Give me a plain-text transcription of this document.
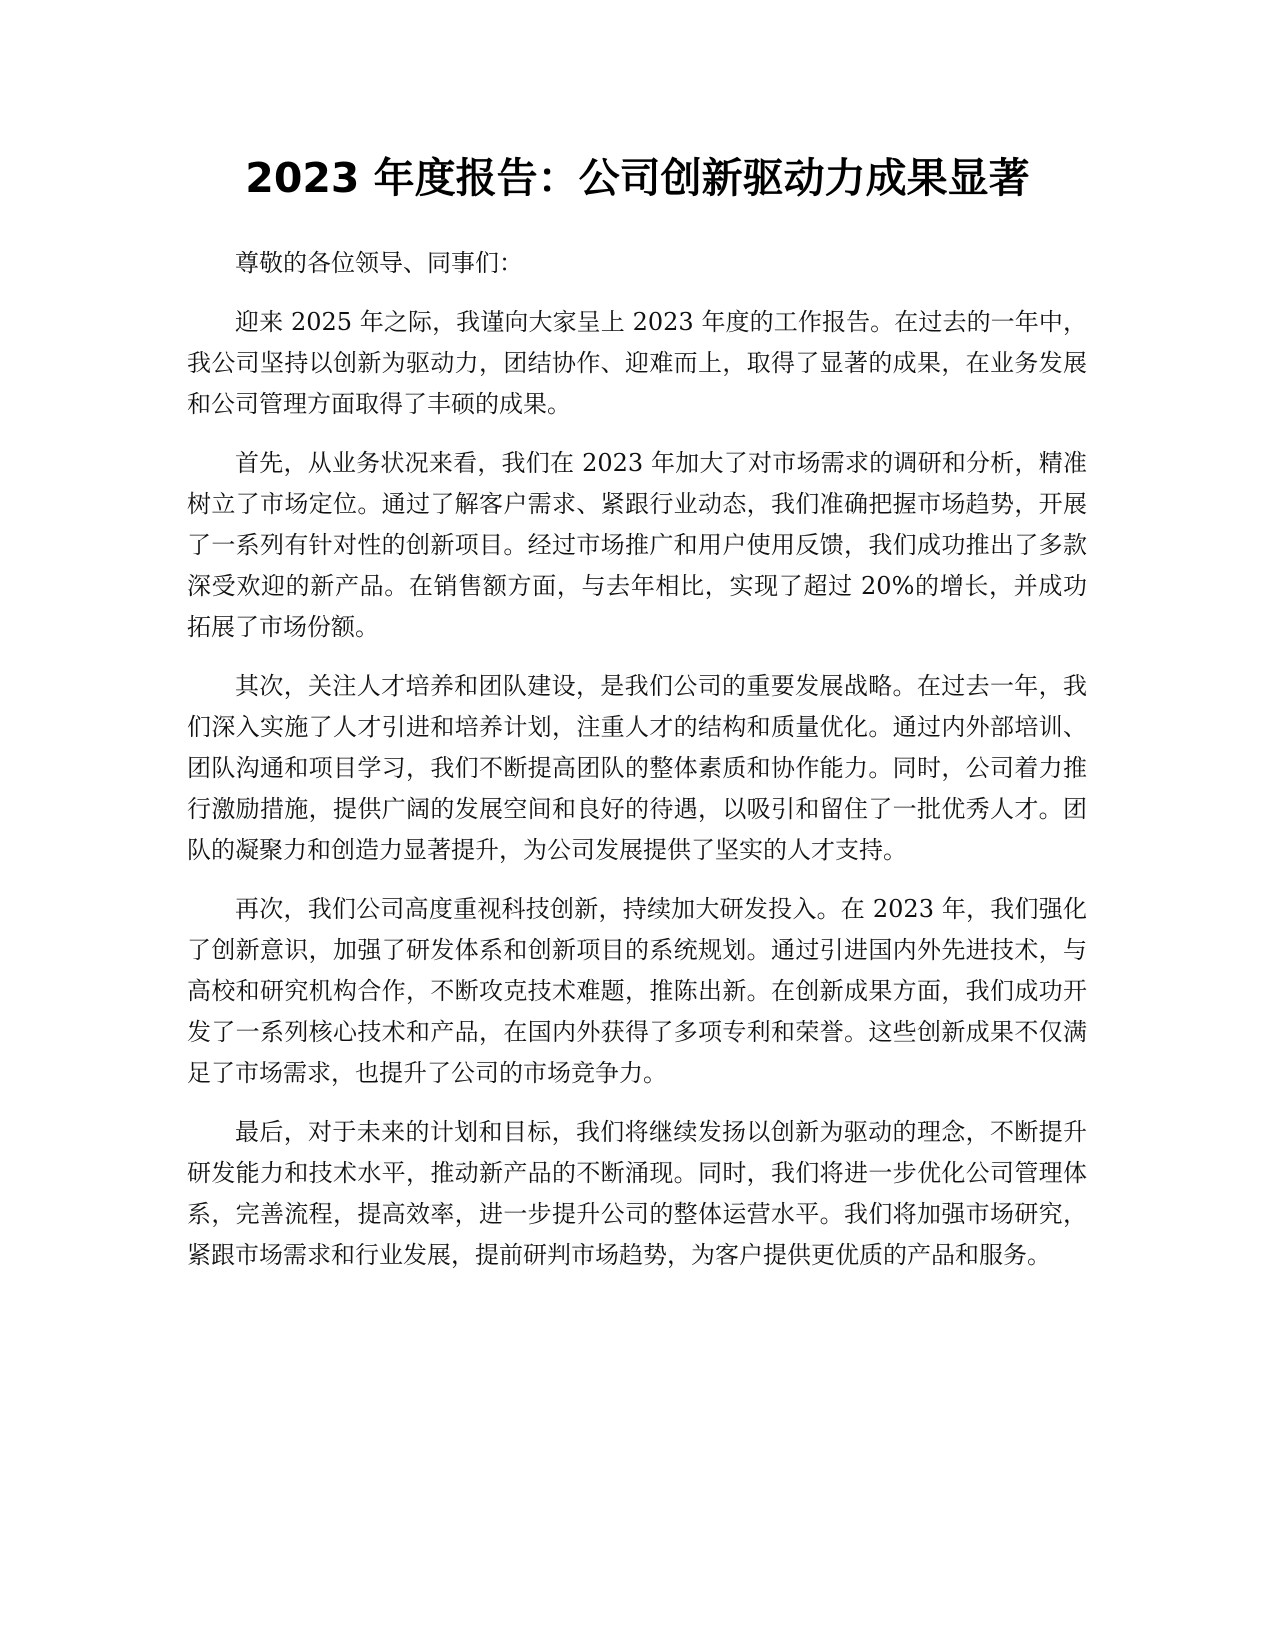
2023 年度报告：公司创新驱动力成果显著

尊敬的各位领导、同事们：

迎来 2025 年之际，我谨向大家呈上 2023 年度的工作报告。在过去的一年中，我公司坚持以创新为驱动力，团结协作、迎难而上，取得了显著的成果，在业务发展和公司管理方面取得了丰硕的成果。

首先，从业务状况来看，我们在 2023 年加大了对市场需求的调研和分析，精准树立了市场定位。通过了解客户需求、紧跟行业动态，我们准确把握市场趋势，开展了一系列有针对性的创新项目。经过市场推广和用户使用反馈，我们成功推出了多款深受欢迎的新产品。在销售额方面，与去年相比，实现了超过 20%的增长，并成功拓展了市场份额。

其次，关注人才培养和团队建设，是我们公司的重要发展战略。在过去一年，我们深入实施了人才引进和培养计划，注重人才的结构和质量优化。通过内外部培训、团队沟通和项目学习，我们不断提高团队的整体素质和协作能力。同时，公司着力推行激励措施，提供广阔的发展空间和良好的待遇，以吸引和留住了一批优秀人才。团队的凝聚力和创造力显著提升，为公司发展提供了坚实的人才支持。

再次，我们公司高度重视科技创新，持续加大研发投入。在 2023 年，我们强化了创新意识，加强了研发体系和创新项目的系统规划。通过引进国内外先进技术，与高校和研究机构合作，不断攻克技术难题，推陈出新。在创新成果方面，我们成功开发了一系列核心技术和产品，在国内外获得了多项专利和荣誉。这些创新成果不仅满足了市场需求，也提升了公司的市场竞争力。

最后，对于未来的计划和目标，我们将继续发扬以创新为驱动的理念，不断提升研发能力和技术水平，推动新产品的不断涌现。同时，我们将进一步优化公司管理体系，完善流程，提高效率，进一步提升公司的整体运营水平。我们将加强市场研究，紧跟市场需求和行业发展，提前研判市场趋势，为客户提供更优质的产品和服务。
